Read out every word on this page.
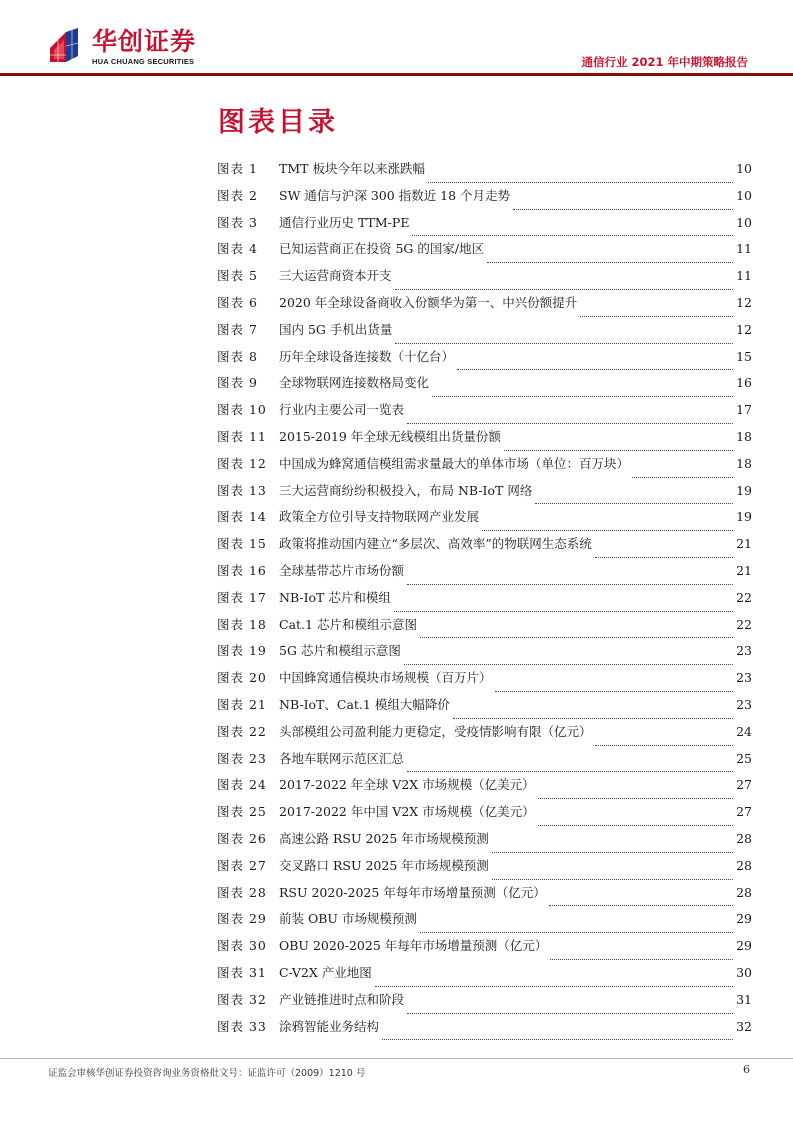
华创证券
HUA CHUANG SECURITIES	通信行业 2021 年中期策略报告
图表目录
图表 1	TMT 板块今年以来涨跌幅	10
图表 2	SW 通信与沪深 300 指数近 18 个月走势	10
图表 3	通信行业历史 TTM-PE	10
图表 4	已知运营商正在投资 5G 的国家/地区	11
图表 5	三大运营商资本开支	11
图表 6	2020 年全球设备商收入份额华为第一、中兴份额提升	12
图表 7	国内 5G 手机出货量	12
图表 8	历年全球设备连接数（十亿台）	15
图表 9	全球物联网连接数格局变化	16
图表 10 行业内主要公司一览表	17
图表 11 2015-2019 年全球无线模组出货量份额	18
图表 12 中国成为蜂窝通信模组需求量最大的单体市场（单位：百万块）	18
图表 13 三大运营商纷纷积极投入，布局 NB-IoT 网络	19
图表 14 政策全方位引导支持物联网产业发展	19
图表 15 政策将推动国内建立“多层次、高效率”的物联网生态系统	21
图表 16 全球基带芯片市场份额	21
图表 17 NB-IoT 芯片和模组	22
图表 18 Cat.1 芯片和模组示意图	22
图表 19 5G 芯片和模组示意图	23
图表 20 中国蜂窝通信模块市场规模（百万片）	23
图表 21 NB-IoT、Cat.1 模组大幅降价	23
图表 22 头部模组公司盈利能力更稳定，受疫情影响有限（亿元）	24
图表 23 各地车联网示范区汇总	25
图表 24 2017-2022 年全球 V2X 市场规模（亿美元）	27
图表 25 2017-2022 年中国 V2X 市场规模（亿美元）	27
图表 26 高速公路 RSU 2025 年市场规模预测	28
图表 27 交叉路口 RSU 2025 年市场规模预测	28
图表 28 RSU 2020-2025 年每年市场增量预测（亿元）	28
图表 29 前装 OBU 市场规模预测	29
图表 30 OBU 2020-2025 年每年市场增量预测（亿元）	29
图表 31 C-V2X 产业地图	30
图表 32 产业链推进时点和阶段	31
图表 33 涂鸦智能业务结构	32
证监会审核华创证券投资咨询业务资格批文号：证监许可（2009）1210 号	6
